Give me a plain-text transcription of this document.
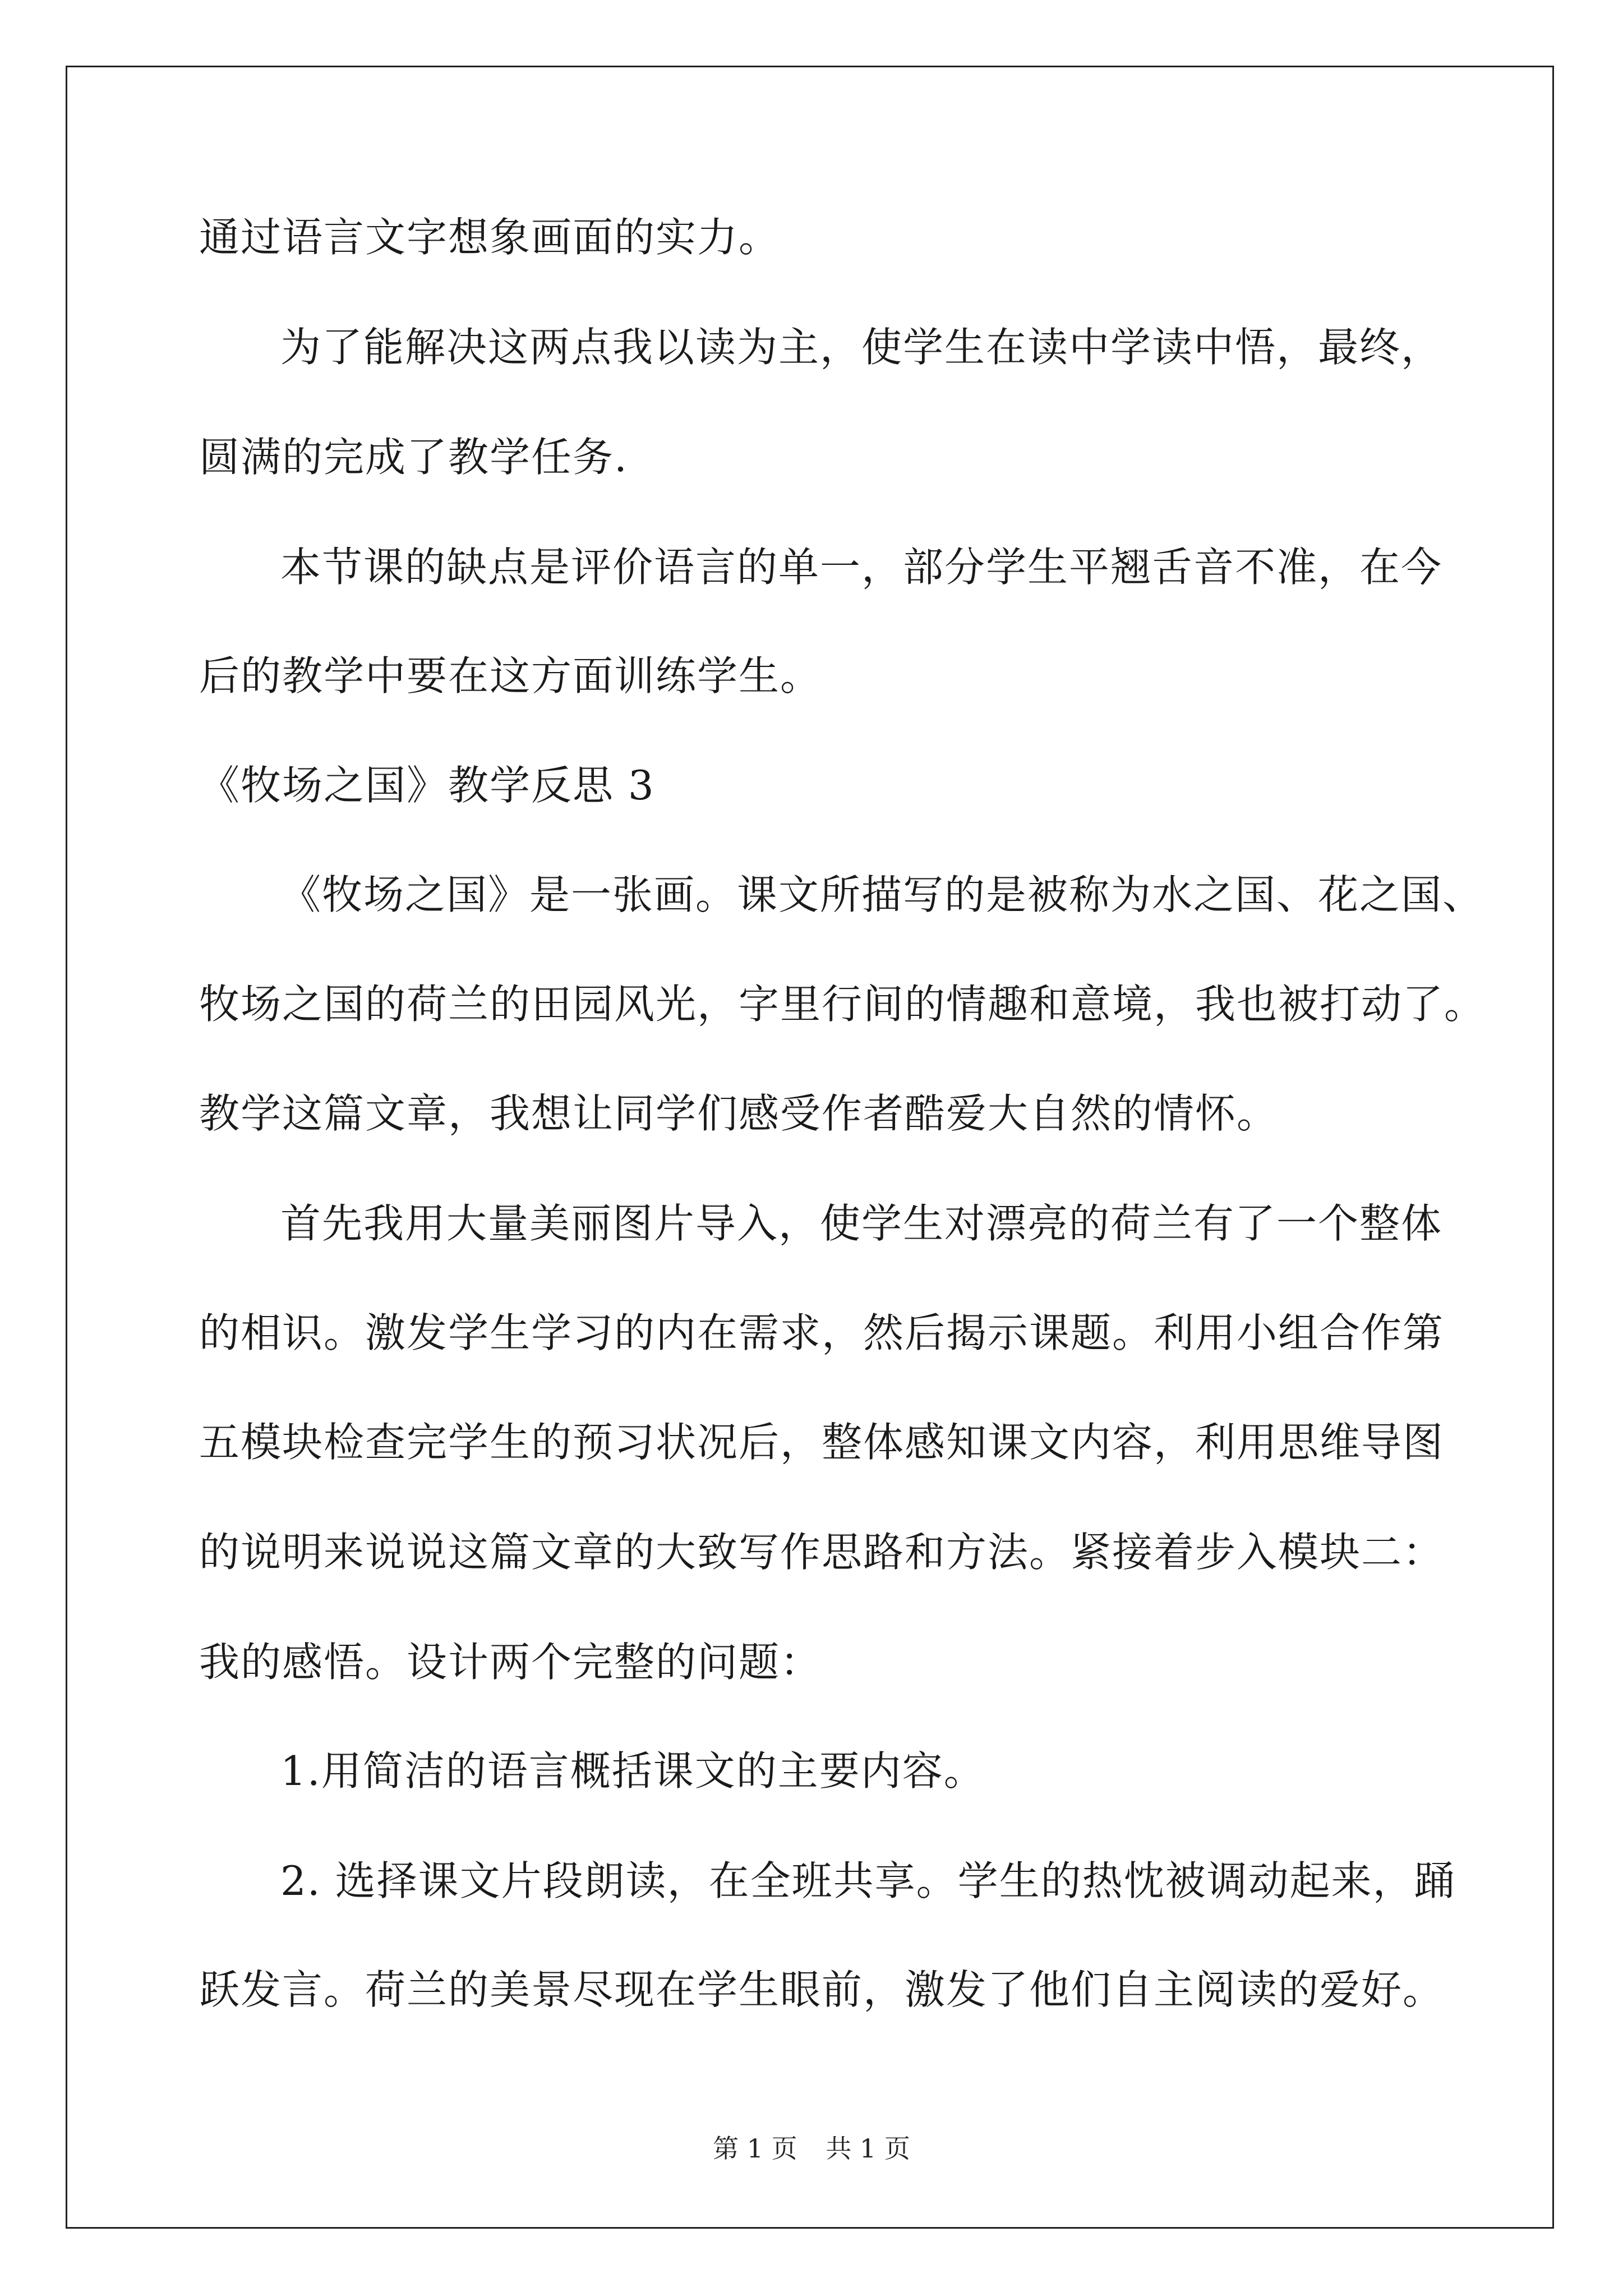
通过语言文字想象画面的实力。
为了能解决这两点我以读为主，使学生在读中学读中悟，最终，
圆满的完成了教学任务.
本节课的缺点是评价语言的单一，部分学生平翘舌音不准，在今
后的教学中要在这方面训练学生。
《牧场之国》教学反思 3
《牧场之国》是一张画。课文所描写的是被称为水之国、花之国、
牧场之国的荷兰的田园风光，字里行间的情趣和意境，我也被打动了。
教学这篇文章，我想让同学们感受作者酷爱大自然的情怀。
首先我用大量美丽图片导入，使学生对漂亮的荷兰有了一个整体
的相识。激发学生学习的内在需求，然后揭示课题。利用小组合作第
五模块检查完学生的预习状况后，整体感知课文内容，利用思维导图
的说明来说说这篇文章的大致写作思路和方法。紧接着步入模块二：
我的感悟。设计两个完整的问题：
1.用简洁的语言概括课文的主要内容。
2. 选择课文片段朗读，在全班共享。学生的热忱被调动起来，踊
跃发言。荷兰的美景尽现在学生眼前，激发了他们自主阅读的爱好。
第 1 页 共 1 页
